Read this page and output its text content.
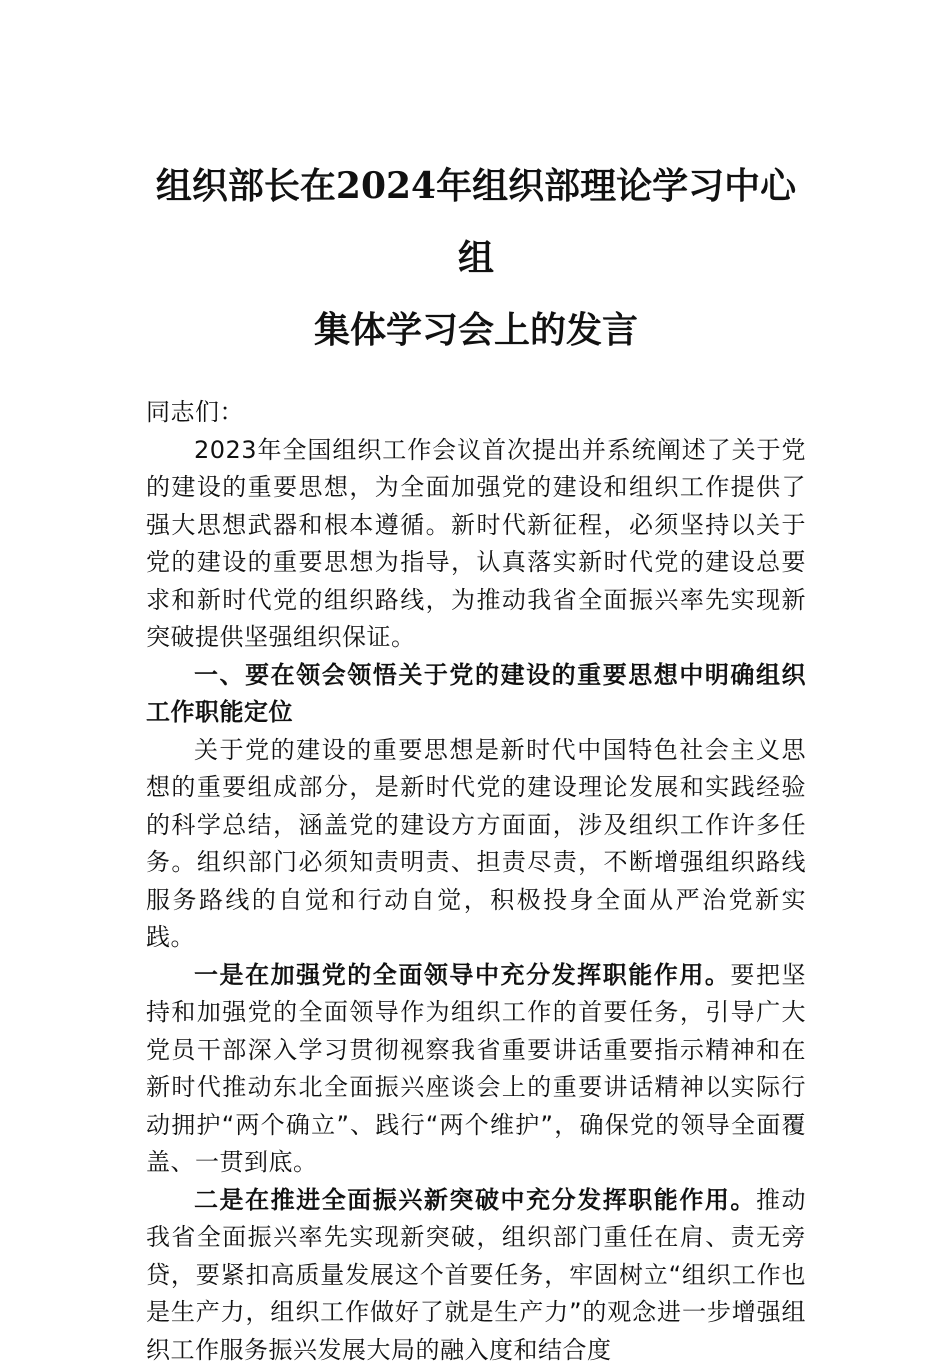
组织部长在2024年组织部理论学习中心组
集体学习会上的发言

同志们：

2023年全国组织工作会议首次提出并系统阐述了关于党的建设的重要思想，为全面加强党的建设和组织工作提供了强大思想武器和根本遵循。新时代新征程，必须坚持以关于党的建设的重要思想为指导，认真落实新时代党的建设总要求和新时代党的组织路线，为推动我省全面振兴率先实现新突破提供坚强组织保证。

一、要在领会领悟关于党的建设的重要思想中明确组织工作职能定位

关于党的建设的重要思想是新时代中国特色社会主义思想的重要组成部分，是新时代党的建设理论发展和实践经验的科学总结，涵盖党的建设方方面面，涉及组织工作许多任务。组织部门必须知责明责、担责尽责，不断增强组织路线服务路线的自觉和行动自觉，积极投身全面从严治党新实践。

一是在加强党的全面领导中充分发挥职能作用。要把坚持和加强党的全面领导作为组织工作的首要任务，引导广大党员干部深入学习贯彻视察我省重要讲话重要指示精神和在新时代推动东北全面振兴座谈会上的重要讲话精神以实际行动拥护“两个确立”、践行“两个维护”，确保党的领导全面覆盖、一贯到底。

二是在推进全面振兴新突破中充分发挥职能作用。推动我省全面振兴率先实现新突破，组织部门重任在肩、责无旁贷，要紧扣高质量发展这个首要任务，牢固树立“组织工作也是生产力，组织工作做好了就是生产力”的观念进一步增强组织工作服务振兴发展大局的融入度和结合度
